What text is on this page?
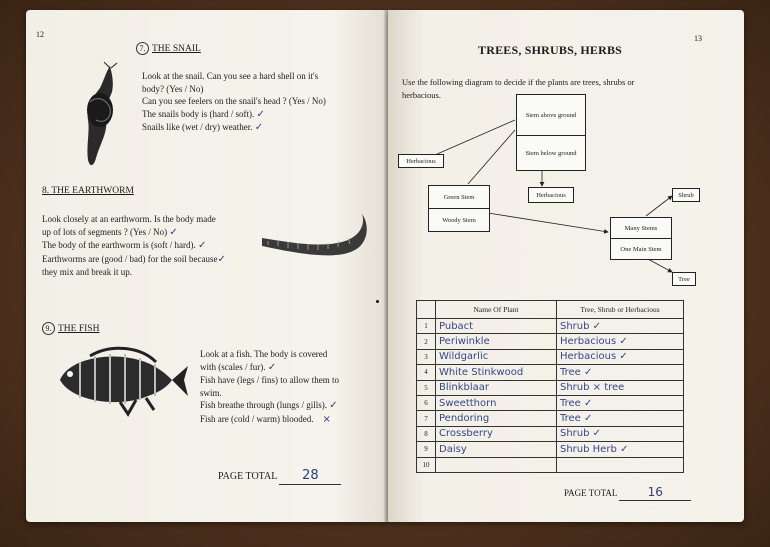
12
7. THE SNAIL
Look at the snail. Can you see a hard shell on it's
body? (Yes / No)
Can you see feelers on the snail's head ? (Yes / No)
The snails body is (hard / soft). ✓
Snails like (wet / dry) weather. ✓
8. THE EARTHWORM
Look closely at an earthworm. Is the body made
up of lots of segments ? (Yes / No) ✓
The body of the earthworm is (soft / hard). ✓
Earthworms are (good / bad) for the soil because✓
they mix and break it up.
9. THE FISH
Look at a fish. The body is covered
with (scales / fur). ✓
Fish have (legs / fins) to allow them to
swim.
Fish breathe through (lungs / gills). ✓
Fish are (cold / warm) blooded. ×
PAGE TOTAL 28
13
TREES, SHRUBS, HERBS
Use the following diagram to decide if the plants are trees, shrubs or
herbacious.
Stem above ground
Stem below ground
Herbacious
Green Stem
Woody Stem
Herbacious
Many Stems
One Main Stem
Shrub
Tree
	Name Of Plant	Tree, Shrub or Herbacious
1	Pubact	Shrub ✓
2	Periwinkle	Herbacious ✓
3	Wildgarlic	Herbacious ✓
4	White Stinkwood	Tree ✓
5	Blinkblaar	Shrub × tree
6	Sweetthorn	Tree ✓
7	Pendoring	Tree ✓
8	Crossberry	Shrub ✓
9	Daisy	Shrub Herb ✓
10		
PAGE TOTAL	16
